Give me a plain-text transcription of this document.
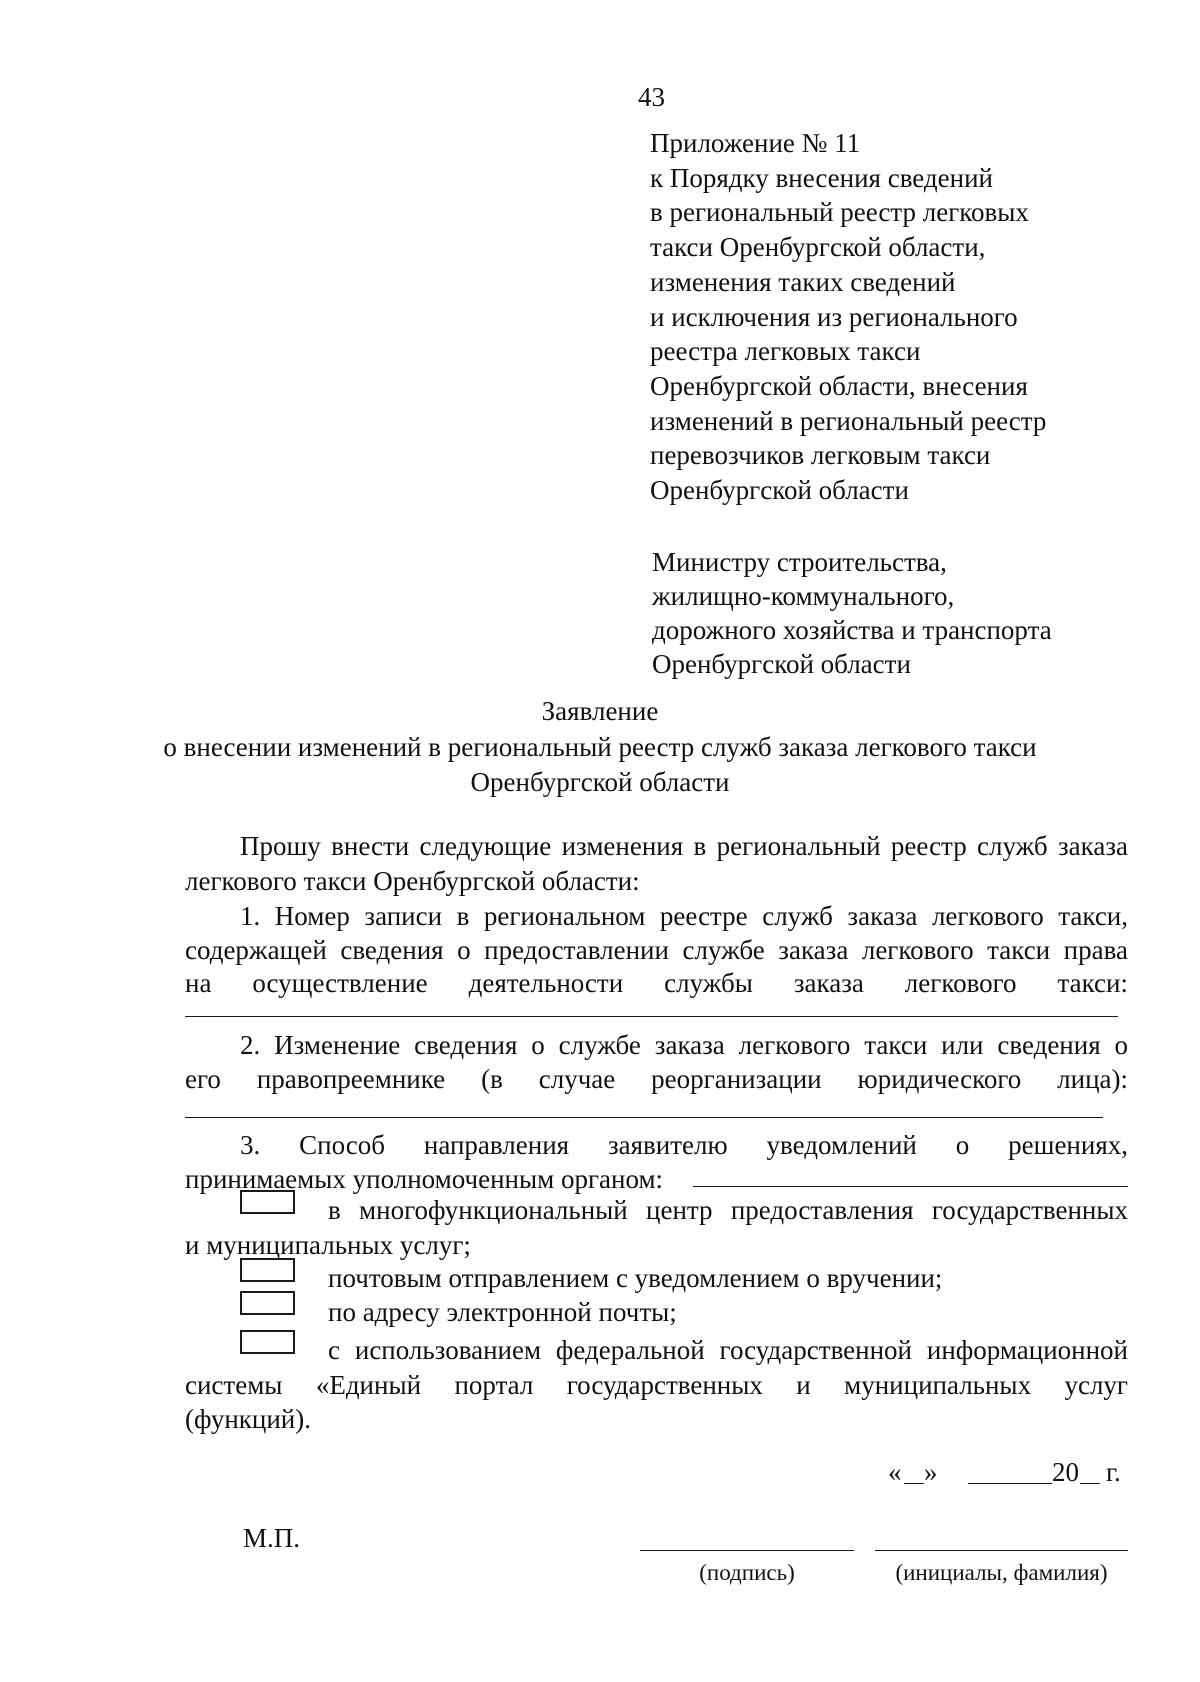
43
Приложение № 11
к Порядку внесения сведений
в региональный реестр легковых
такси Оренбургской области,
изменения таких сведений
и исключения из регионального
реестра легковых такси
Оренбургской области, внесения
изменений в региональный реестр
перевозчиков легковым такси
Оренбургской области
Министру строительства,
жилищно-коммунального,
дорожного хозяйства и транспорта
Оренбургской области
Заявление
о внесении изменений в региональный реестр служб заказа легкового такси
Оренбургской области
Прошу внести следующие изменения в региональный реестр служб заказа
легкового такси Оренбургской области:
1. Номер записи в региональном реестре служб заказа легкового такси,
содержащей сведения о предоставлении службе заказа легкового такси права
на осуществление деятельности службы заказа легкового такси:
2. Изменение сведения о службе заказа легкового такси или сведения о
его правопреемнике (в случае реорганизации юридического лица):
3. Способ направления заявителю уведомлений о решениях,
принимаемых уполномоченным органом:
в многофункциональный центр предоставления государственных
и муниципальных услуг;
почтовым отправлением с уведомлением о вручении;
по адресу электронной почты;
с использованием федеральной государственной информационной
системы «Единый портал государственных и муниципальных услуг
(функций).
« »	20 г.
М.П.
(подпись)	(инициалы, фамилия)
